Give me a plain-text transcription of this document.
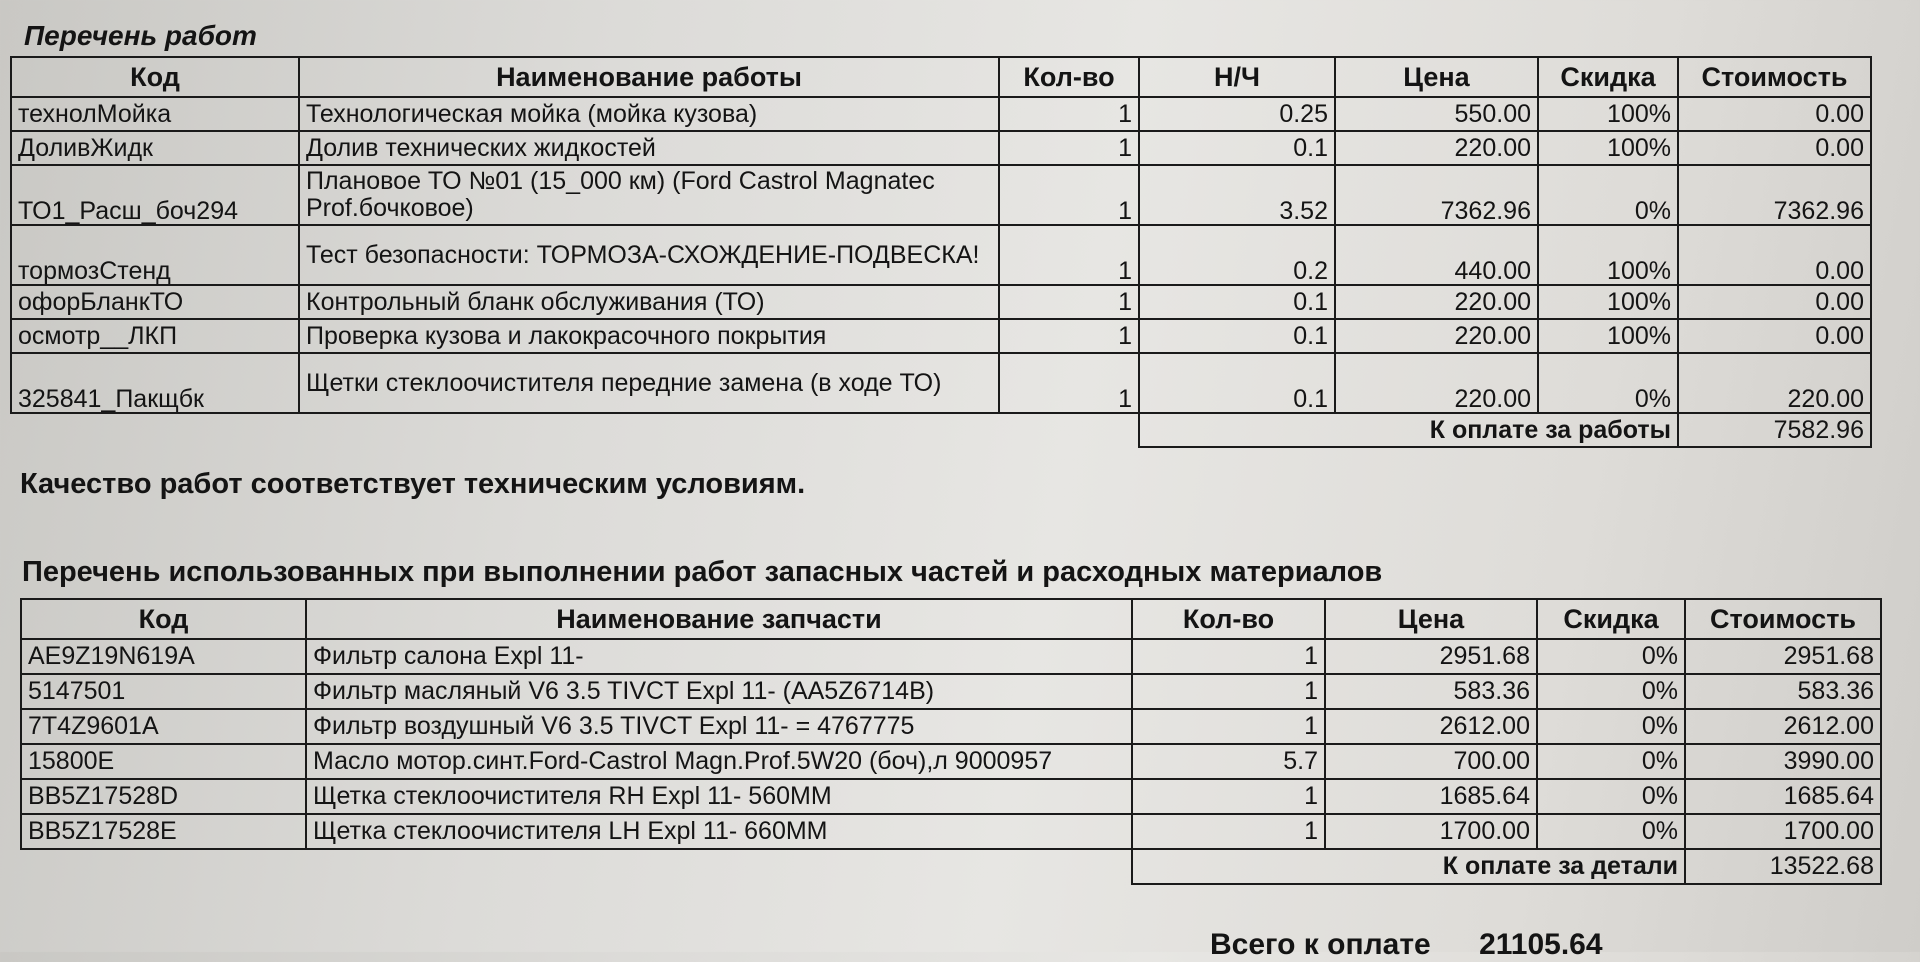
Перечень работ
Код	Наименование работы	Кол-во	Н/Ч	Цена	Скидка	Стоимость
технолМойка	Технологическая мойка (мойка кузова)	1	0.25	550.00	100%	0.00
ДоливЖидк	Долив технических жидкостей	1	0.1	220.00	100%	0.00
ТО1_Расш_боч294	Плановое ТО №01 (15_000 км) (Ford Castrol Magnatec Prof.бочковое)	1	3.52	7362.96	0%	7362.96
тормозСтенд	Тест безопасности: ТОРМОЗА-СХОЖДЕНИЕ-ПОДВЕСКА!	1	0.2	440.00	100%	0.00
офорБланкТО	Контрольный бланк обслуживания (ТО)	1	0.1	220.00	100%	0.00
осмотр__ЛКП	Проверка кузова и лакокрасочного покрытия	1	0.1	220.00	100%	0.00
325841_Пакщбк	Щетки стеклоочистителя передние замена (в ходе ТО)	1	0.1	220.00	0%	220.00
			К оплате за работы			7582.96
Качество работ соответствует техническим условиям.
Перечень использованных при выполнении работ запасных частей и расходных материалов
Код	Наименование запчасти	Кол-во	Цена	Скидка	Стоимость
AE9Z19N619A	Фильтр салона Expl 11-	1	2951.68	0%	2951.68
5147501	Фильтр масляный V6 3.5 TIVCT Expl 11- (AA5Z6714B)	1	583.36	0%	583.36
7T4Z9601A	Фильтр воздушный V6 3.5 TIVCT Expl 11- = 4767775	1	2612.00	0%	2612.00
15800E	Масло мотор.синт.Ford-Castrol Magn.Prof.5W20 (боч),л 9000957	5.7	700.00	0%	3990.00
BB5Z17528D	Щетка стеклоочистителя RH Expl 11- 560MM	1	1685.64	0%	1685.64
BB5Z17528E	Щетка стеклоочистителя LH Expl 11- 660MM	1	1700.00	0%	1700.00
		К оплате за детали			13522.68
Всего к оплате 21105.64
